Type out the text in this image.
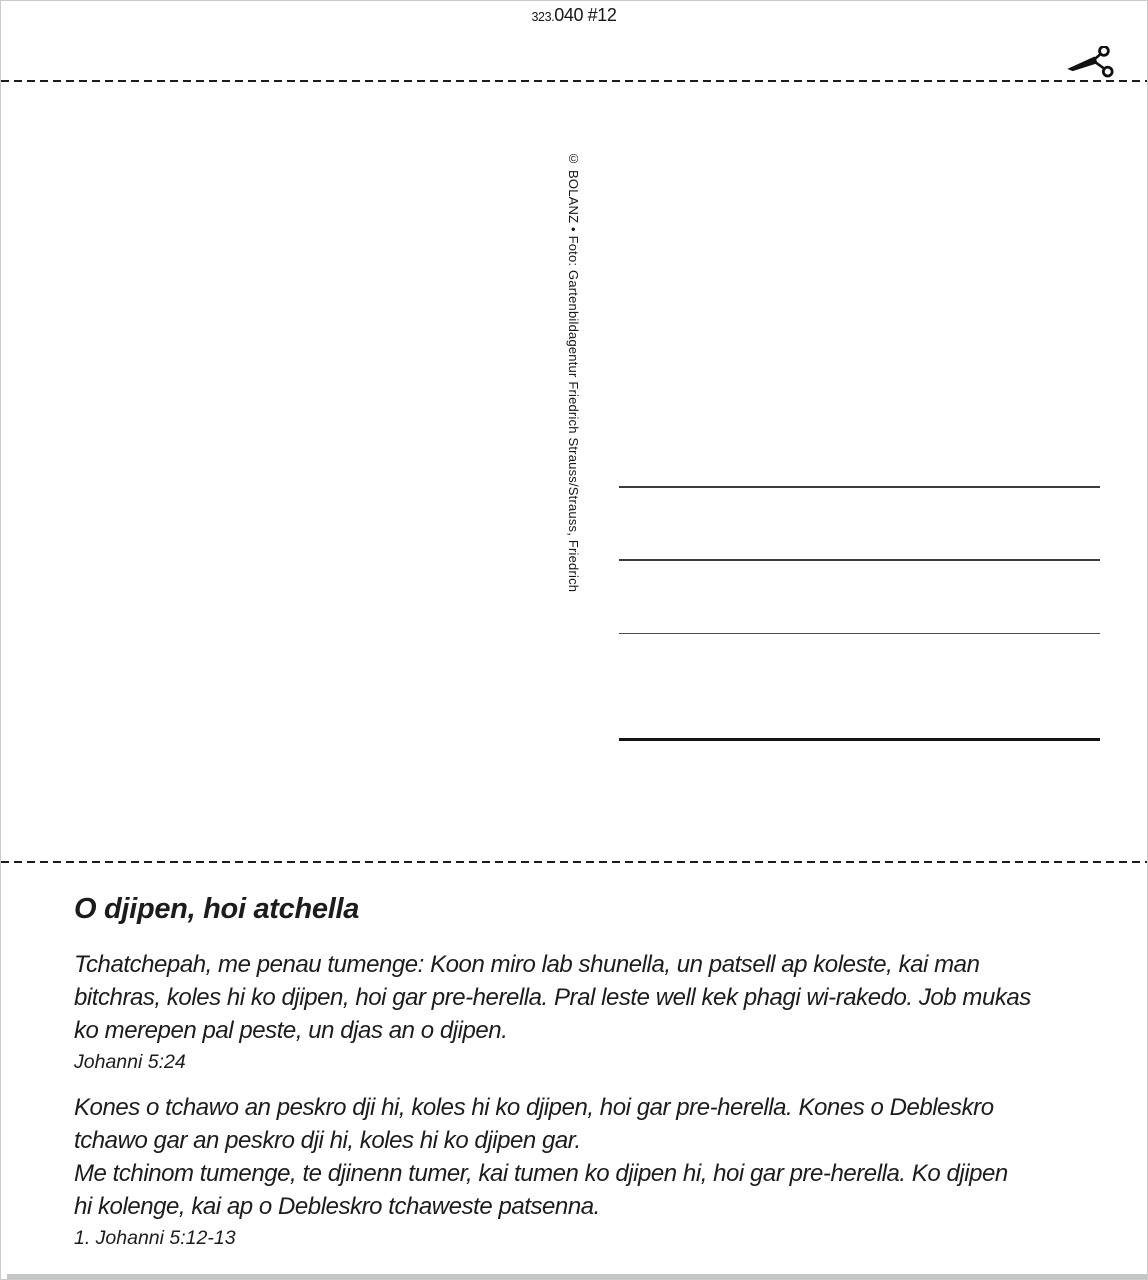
323.040 #12
© BOLANZ • Foto: Gartenbildagentur Friedrich Strauss/Strauss, Friedrich
O djipen, hoi atchella
Tchatchepah, me penau tumenge: Koon miro lab shunella, un patsell ap koleste, kai man
bitchras, koles hi ko djipen, hoi gar pre-herella. Pral leste well kek phagi wi-rakedo. Job mukas
ko merepen pal peste, un djas an o djipen.
Johanni 5:24
Kones o tchawo an peskro dji hi, koles hi ko djipen, hoi gar pre-herella. Kones o Debleskro
tchawo gar an peskro dji hi, koles hi ko djipen gar.
Me tchinom tumenge, te djinenn tumer, kai tumen ko djipen hi, hoi gar pre-herella. Ko djipen
hi kolenge, kai ap o Debleskro tchaweste patsenna.
1. Johanni 5:12-13
